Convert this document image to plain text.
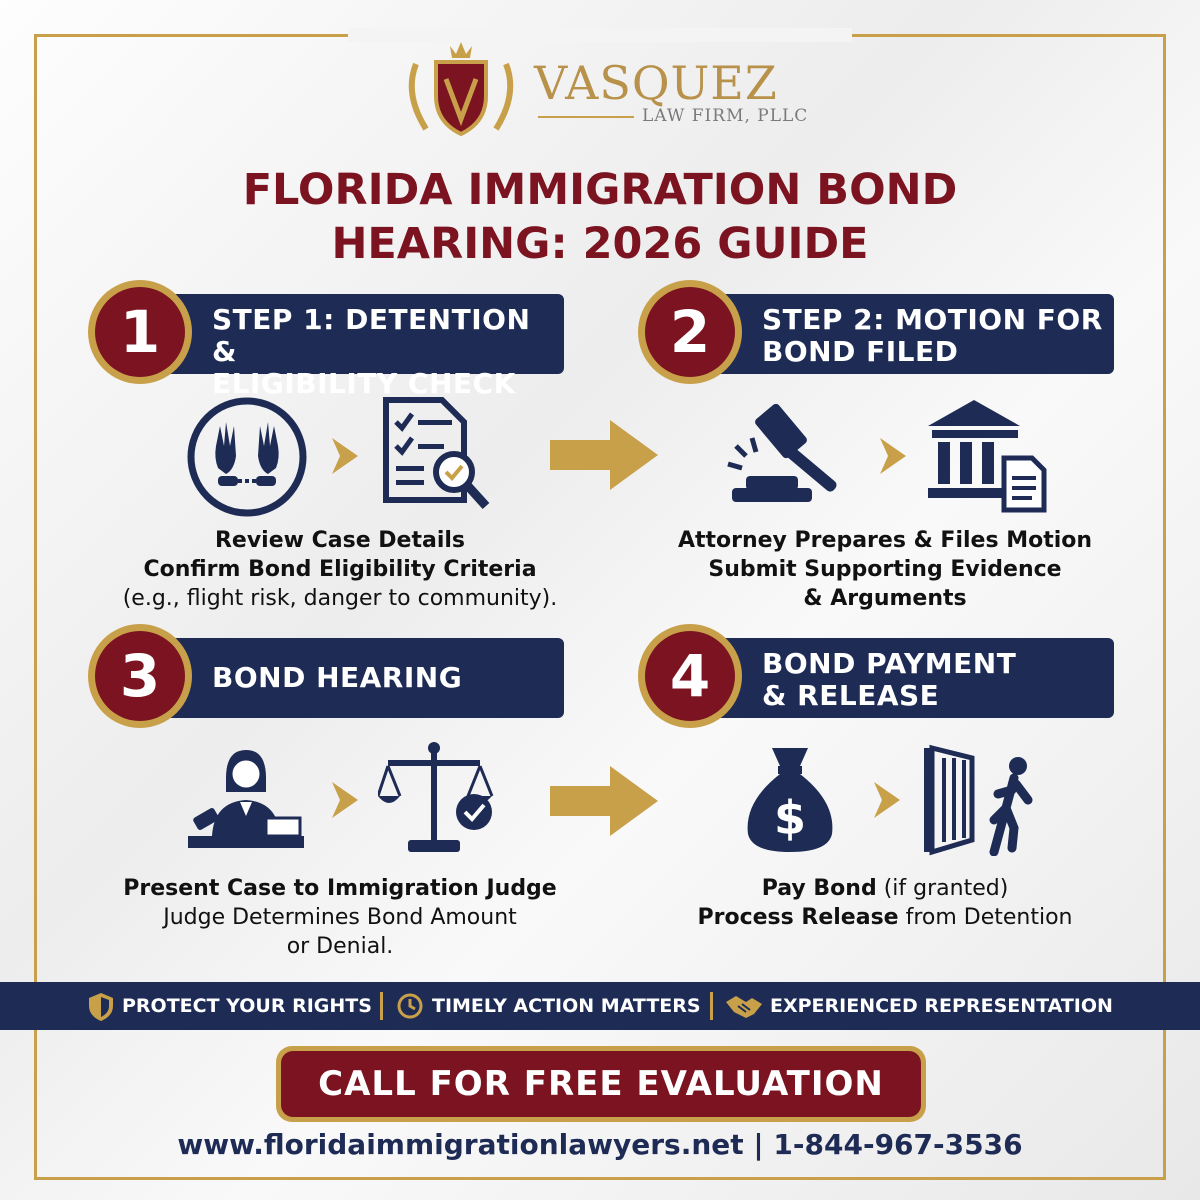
VASQUEZ
LAW FIRM, PLLC
FLORIDA IMMIGRATION BOND
HEARING: 2026 GUIDE
STEP 1: DETENTION &
ELIGIBILITY CHECK
1	STEP 2: MOTION FOR
BOND FILED
2
Review Case Details
Confirm Bond Eligibility Criteria
(e.g., flight risk, danger to community).
Attorney Prepares & Files Motion
Submit Supporting Evidence
& Arguments
BOND HEARING
3	BOND PAYMENT
& RELEASE
4
$
Present Case to Immigration Judge
Judge Determines Bond Amount
or Denial.
Pay Bond (if granted)
Process Release from Detention
PROTECT YOUR RIGHTS	TIMELY ACTION MATTERS	EXPERIENCED REPRESENTATION
CALL FOR FREE EVALUATION
www.floridaimmigrationlawyers.net | 1-844-967-3536
